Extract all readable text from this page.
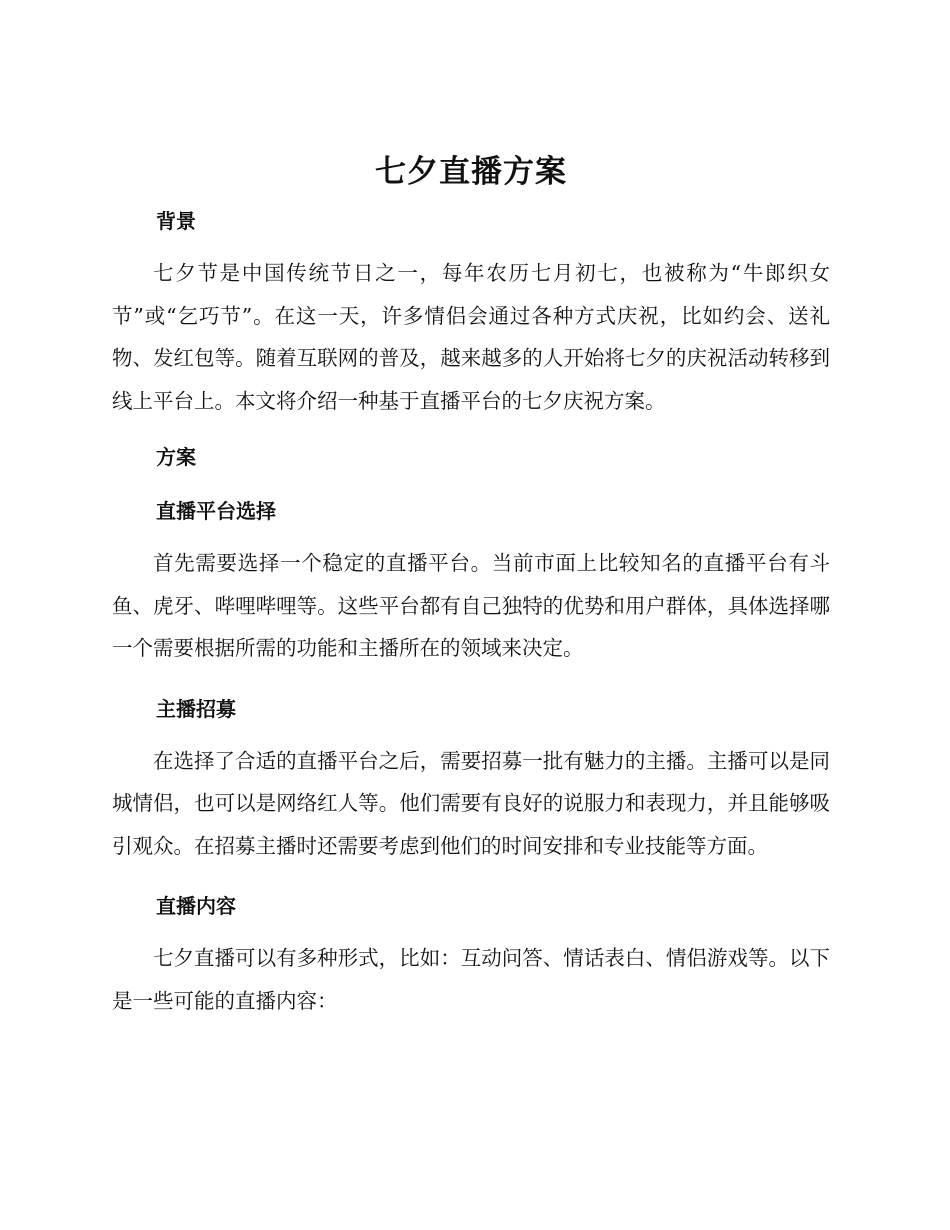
七夕直播方案
背景

七夕节是中国传统节日之一，每年农历七月初七，也被称为“牛郎织女节”或“乞巧节”。在这一天，许多情侣会通过各种方式庆祝，比如约会、送礼物、发红包等。随着互联网的普及，越来越多的人开始将七夕的庆祝活动转移到线上平台上。本文将介绍一种基于直播平台的七夕庆祝方案。

方案
直播平台选择

首先需要选择一个稳定的直播平台。当前市面上比较知名的直播平台有斗鱼、虎牙、哔哩哔哩等。这些平台都有自己独特的优势和用户群体，具体选择哪一个需要根据所需的功能和主播所在的领域来决定。

主播招募

在选择了合适的直播平台之后，需要招募一批有魅力的主播。主播可以是同城情侣，也可以是网络红人等。他们需要有良好的说服力和表现力，并且能够吸引观众。在招募主播时还需要考虑到他们的时间安排和专业技能等方面。

直播内容

七夕直播可以有多种形式，比如：互动问答、情话表白、情侣游戏等。以下是一些可能的直播内容：
